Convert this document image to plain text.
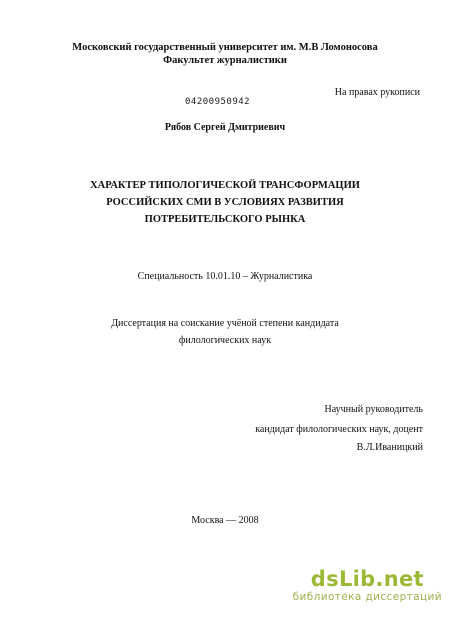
Московский государственный университет им. М.В Ломоносова
Факультет журналистики
На правах рукописи
04200950942
Рябов Сергей Дмитриевич
ХАРАКТЕР ТИПОЛОГИЧЕСКОЙ ТРАНСФОРМАЦИИ
РОССИЙСКИХ СМИ В УСЛОВИЯХ РАЗВИТИЯ
ПОТРЕБИТЕЛЬСКОГО РЫНКА
Специальность 10.01.10 – Журналистика
Диссертация на соискание учёной степени кандидата
филологических наук
Научный руководитель
кандидат филологических наук, доцент
В.Л.Иваницкий
Москва — 2008
dsLib.net
библиотека диссертаций
